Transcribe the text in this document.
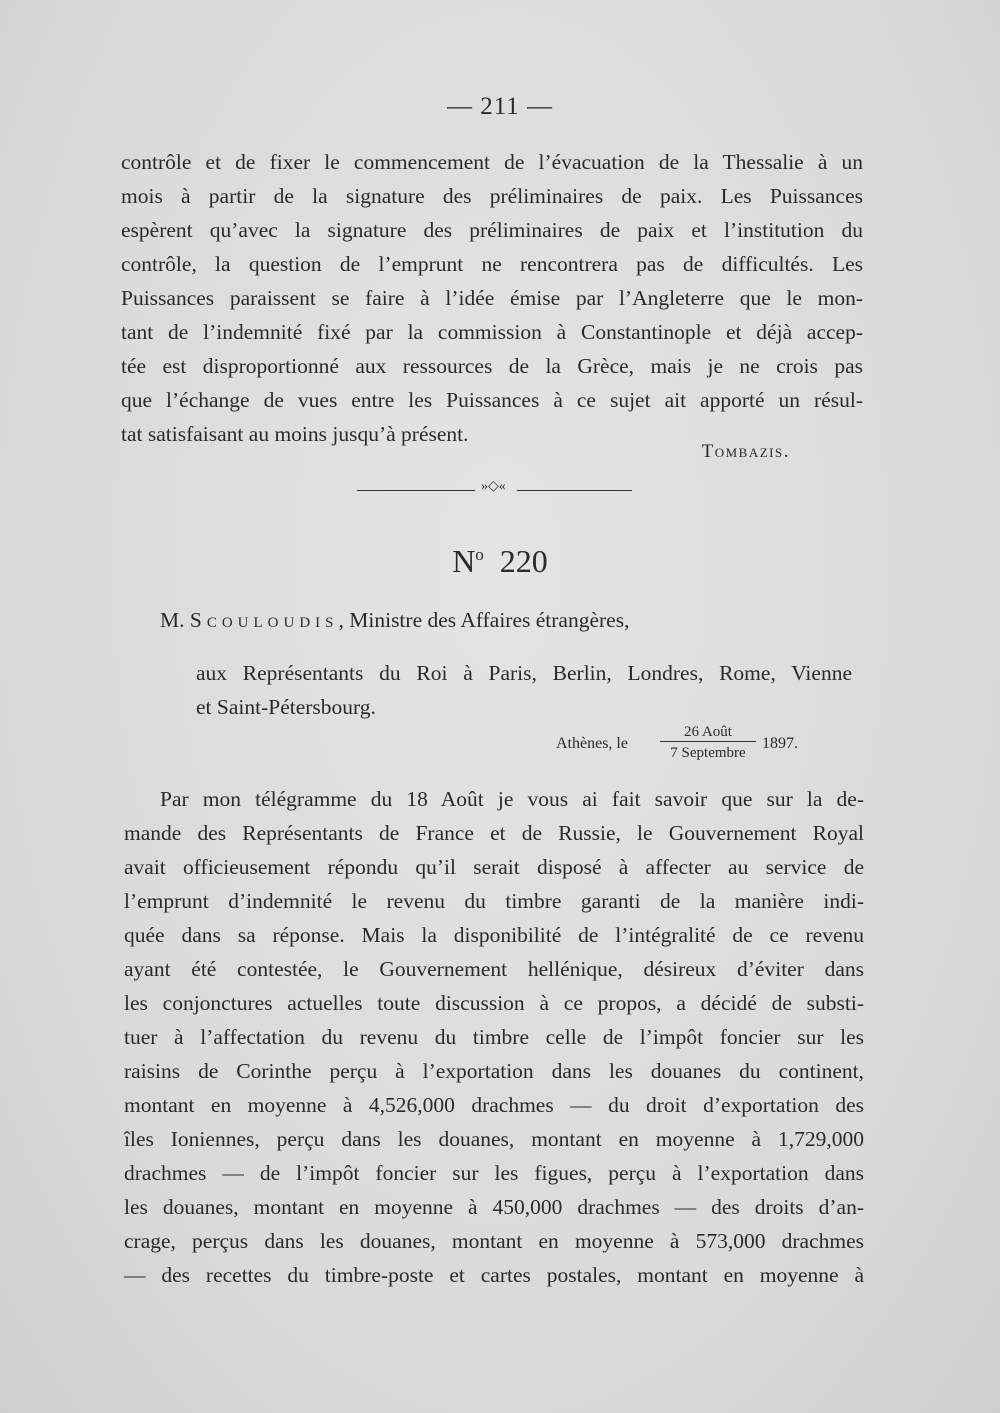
— 211 —
contrôle et de fixer le commencement de l’évacuation de la Thessalie à un
mois à partir de la signature des préliminaires de paix. Les Puissances
espèrent qu’avec la signature des préliminaires de paix et l’institution du
contrôle, la question de l’emprunt ne rencontrera pas de difficultés. Les
Puissances paraissent se faire à l’idée émise par l’Angleterre que le mon-
tant de l’indemnité fixé par la commission à Constantinople et déjà accep-
tée est disproportionné aux ressources de la Grèce, mais je ne crois pas
que l’échange de vues entre les Puissances à ce sujet ait apporté un résul-
tat satisfaisant au moins jusqu’à présent.
Tombazis.
»◇«
$N^o$ 220
M. Scouloudis, Ministre des Affaires étrangères,
aux Représentants du Roi à Paris, Berlin, Londres, Rome, Vienne
et Saint-Pétersbourg.
Athènes, le
26 Août
7 Septembre
1897.
Par mon télégramme du 18 Août je vous ai fait savoir que sur la de-
mande des Représentants de France et de Russie, le Gouvernement Royal
avait officieusement répondu qu’il serait disposé à affecter au service de
l’emprunt d’indemnité le revenu du timbre garanti de la manière indi-
quée dans sa réponse. Mais la disponibilité de l’intégralité de ce revenu
ayant été contestée, le Gouvernement hellénique, désireux d’éviter dans
les conjonctures actuelles toute discussion à ce propos, a décidé de substi-
tuer à l’affectation du revenu du timbre celle de l’impôt foncier sur les
raisins de Corinthe perçu à l’exportation dans les douanes du continent,
montant en moyenne à 4,526,000 drachmes — du droit d’exportation des
îles Ioniennes, perçu dans les douanes, montant en moyenne à 1,729,000
drachmes — de l’impôt foncier sur les figues, perçu à l’exportation dans
les douanes, montant en moyenne à 450,000 drachmes — des droits d’an-
crage, perçus dans les douanes, montant en moyenne à 573,000 drachmes
— des recettes du timbre-poste et cartes postales, montant en moyenne à
